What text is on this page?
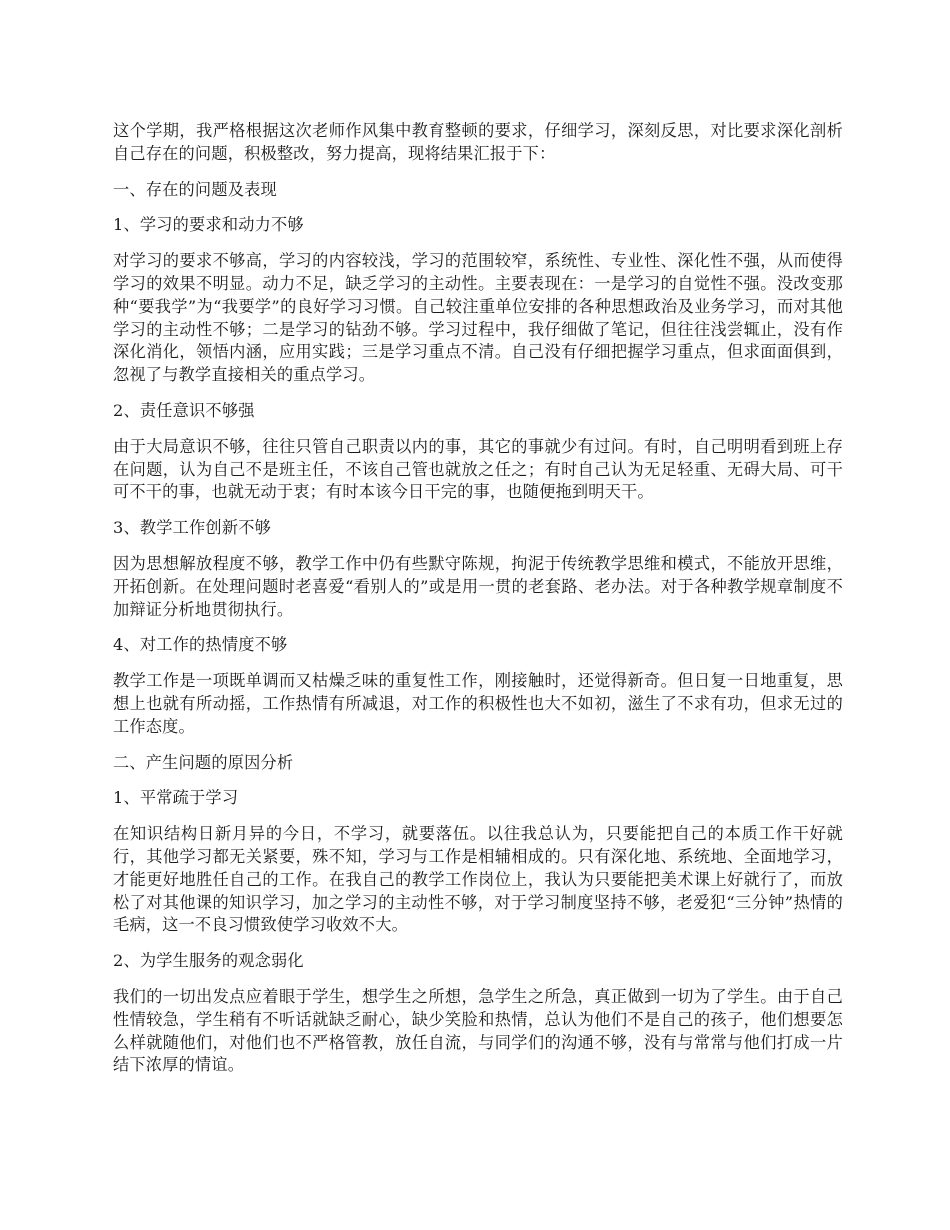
这个学期，我严格根据这次老师作风集中教育整顿的要求，仔细学习，深刻反思，对比要求深化剖析自己存在的问题，积极整改，努力提高，现将结果汇报于下：

一、存在的问题及表现

1、学习的要求和动力不够

对学习的要求不够高，学习的内容较浅，学习的范围较窄，系统性、专业性、深化性不强，从而使得学习的效果不明显。动力不足，缺乏学习的主动性。主要表现在：一是学习的自觉性不强。没改变那种“要我学”为“我要学”的良好学习习惯。自己较注重单位安排的各种思想政治及业务学习，而对其他学习的主动性不够；二是学习的钻劲不够。学习过程中，我仔细做了笔记，但往往浅尝辄止，没有作深化消化，领悟内涵，应用实践；三是学习重点不清。自己没有仔细把握学习重点，但求面面俱到，忽视了与教学直接相关的重点学习。

2、责任意识不够强

由于大局意识不够，往往只管自己职责以内的事，其它的事就少有过问。有时，自己明明看到班上存在问题，认为自己不是班主任，不该自己管也就放之任之；有时自己认为无足轻重、无碍大局、可干可不干的事，也就无动于衷；有时本该今日干完的事，也随便拖到明天干。

3、教学工作创新不够

因为思想解放程度不够，教学工作中仍有些默守陈规，拘泥于传统教学思维和模式，不能放开思维，开拓创新。在处理问题时老喜爱“看别人的”或是用一贯的老套路、老办法。对于各种教学规章制度不加辩证分析地贯彻执行。

4、对工作的热情度不够

教学工作是一项既单调而又枯燥乏味的重复性工作，刚接触时，还觉得新奇。但日复一日地重复，思想上也就有所动摇，工作热情有所减退，对工作的积极性也大不如初，滋生了不求有功，但求无过的工作态度。

二、产生问题的原因分析

1、平常疏于学习

在知识结构日新月异的今日，不学习，就要落伍。以往我总认为，只要能把自己的本质工作干好就行，其他学习都无关紧要，殊不知，学习与工作是相辅相成的。只有深化地、系统地、全面地学习，才能更好地胜任自己的工作。在我自己的教学工作岗位上，我认为只要能把美术课上好就行了，而放松了对其他课的知识学习，加之学习的主动性不够，对于学习制度坚持不够，老爱犯“三分钟”热情的毛病，这一不良习惯致使学习收效不大。

2、为学生服务的观念弱化

我们的一切出发点应着眼于学生，想学生之所想，急学生之所急，真正做到一切为了学生。由于自己性情较急，学生稍有不听话就缺乏耐心，缺少笑脸和热情，总认为他们不是自己的孩子，他们想要怎么样就随他们，对他们也不严格管教，放任自流，与同学们的沟通不够，没有与常常与他们打成一片结下浓厚的情谊。
